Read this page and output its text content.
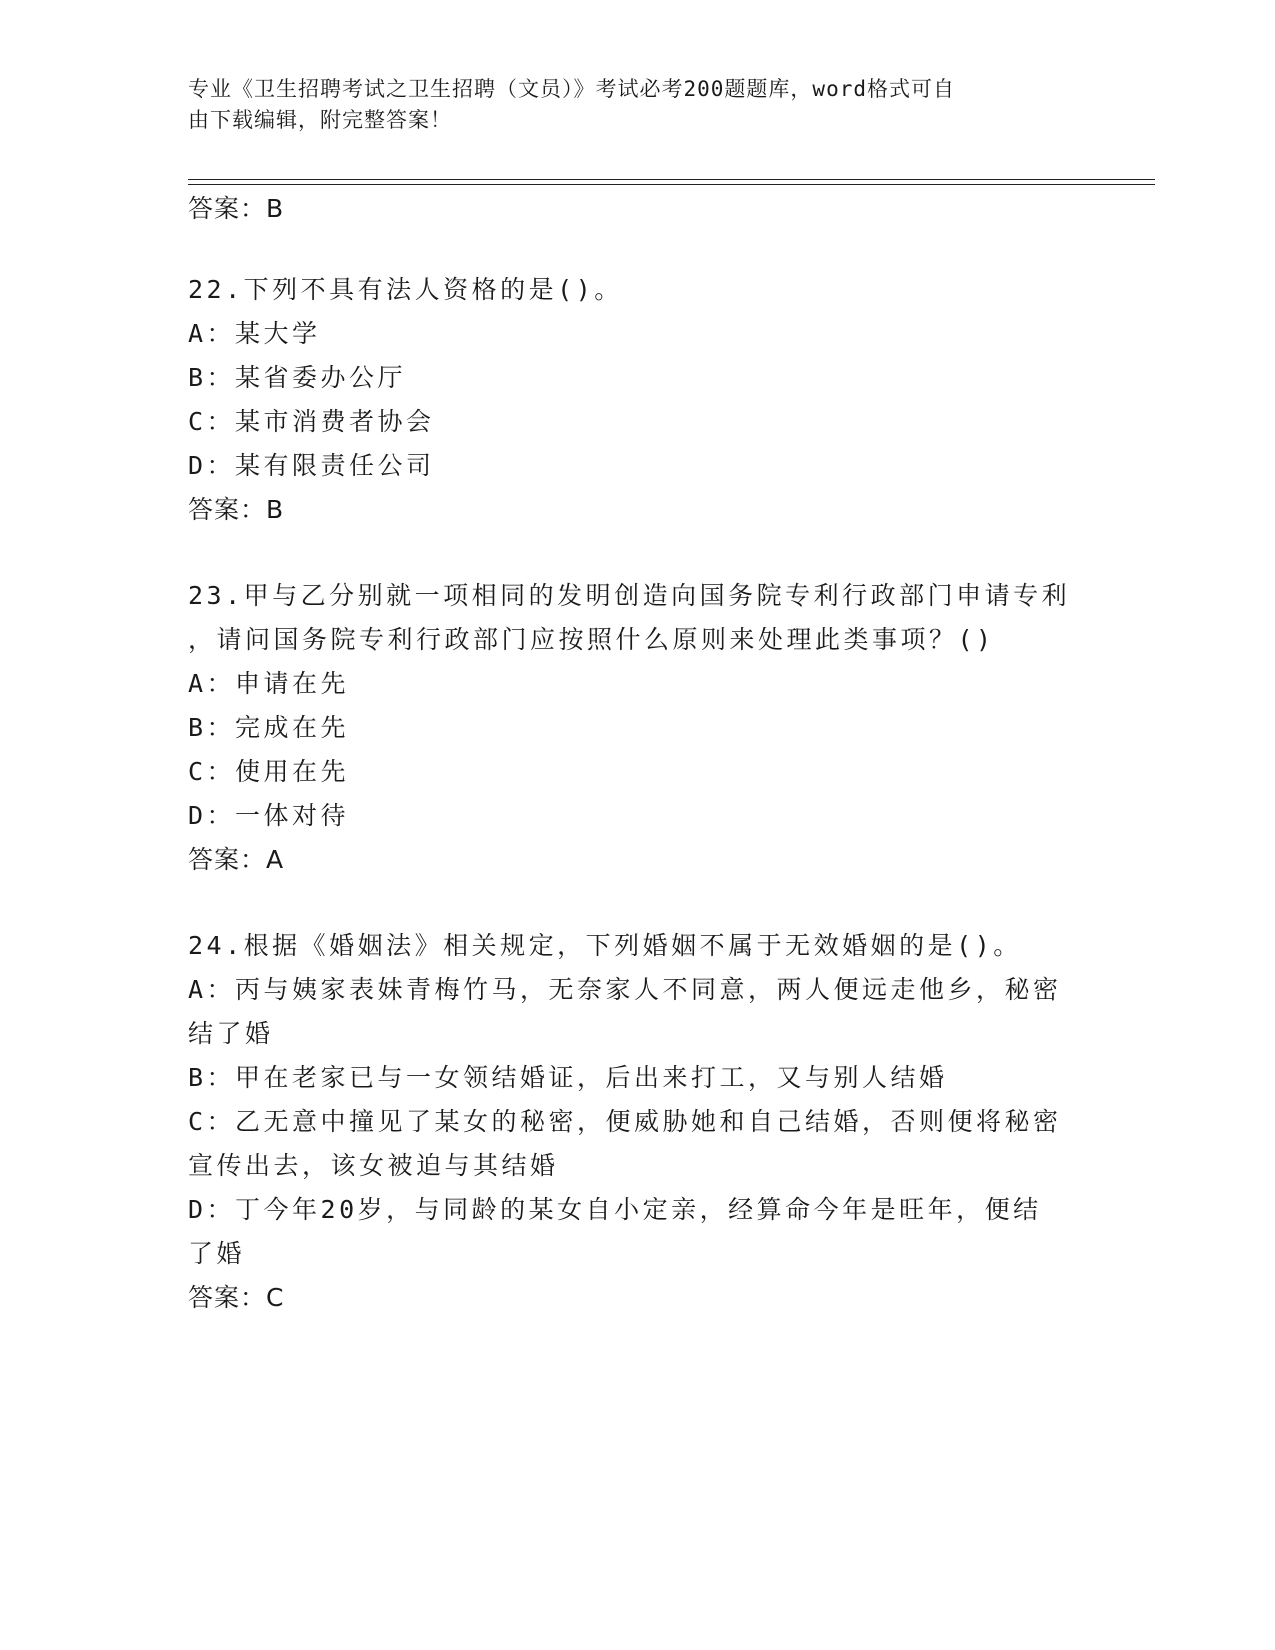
专业《卫生招聘考试之卫生招聘（文员）》考试必考200题题库，word格式可自
由下载编辑，附完整答案！
答案：B
22.下列不具有法人资格的是()。
A：某大学
B：某省委办公厅
C：某市消费者协会
D：某有限责任公司
答案：B
23.甲与乙分别就一项相同的发明创造向国务院专利行政部门申请专利
，请问国务院专利行政部门应按照什么原则来处理此类事项？()
A：申请在先
B：完成在先
C：使用在先
D：一体对待
答案：A
24.根据《婚姻法》相关规定，下列婚姻不属于无效婚姻的是()。
A：丙与姨家表妹青梅竹马，无奈家人不同意，两人便远走他乡，秘密
结了婚
B：甲在老家已与一女领结婚证，后出来打工，又与别人结婚
C：乙无意中撞见了某女的秘密，便威胁她和自己结婚，否则便将秘密
宣传出去，该女被迫与其结婚
D：丁今年20岁，与同龄的某女自小定亲，经算命今年是旺年，便结
了婚
答案：C
